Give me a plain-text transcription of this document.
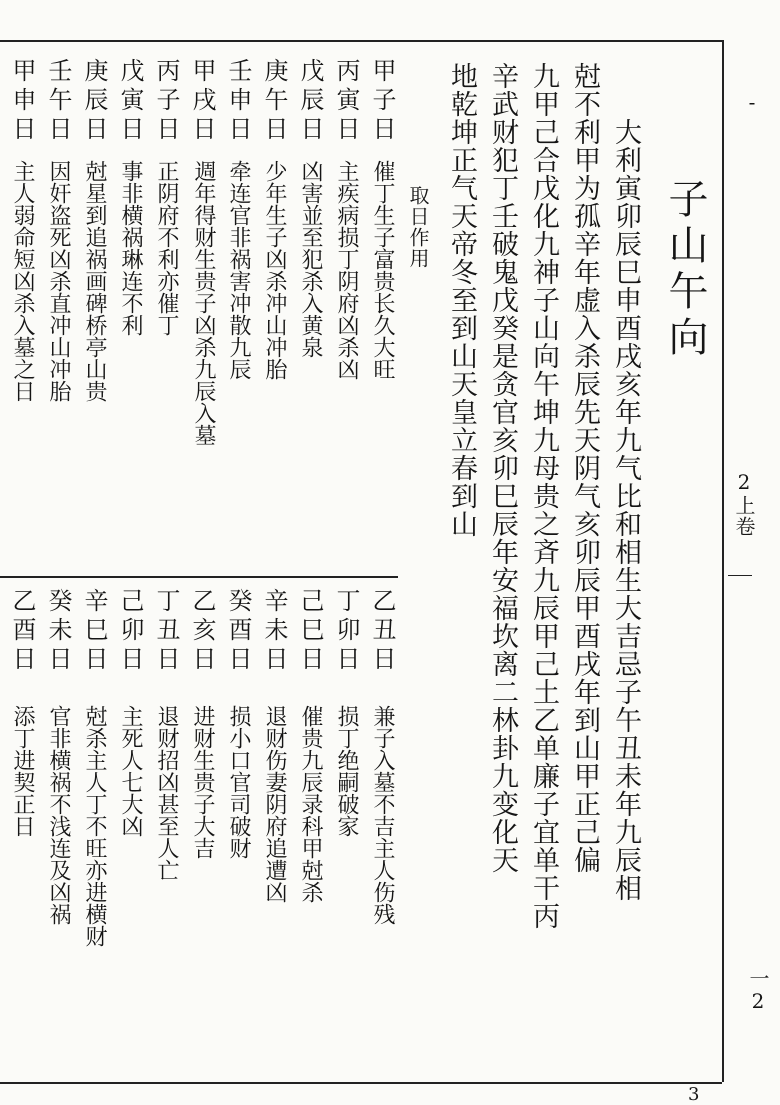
子山午向
大利寅卯辰巳申酉戌亥年九气比和相生大吉忌子午丑未年九辰相
尅不利甲为孤辛年虚入杀辰先天阴气亥卯辰甲酉戌年到山甲正己偏
九甲己合戊化九神子山向午坤九母贵之斉九辰甲己土乙单廉子宜单干丙
辛武财犯丁壬破鬼戊癸是贪官亥卯巳辰年安福坎离二林卦九变化天
地乾坤正气天帝冬至到山天皇立春到山
取日作用
甲子日
催丁生子富贵长久大旺
丙寅日
主疾病损丁阴府凶杀凶
戊辰日
凶害並至犯杀入黄泉
庚午日
少年生子凶杀冲山冲胎
壬申日
牵连官非祸害冲散九辰
甲戌日
週年得财生贵子凶杀九辰入墓
丙子日
正阴府不利亦催丁
戊寅日
事非横祸琳连不利
庚辰日
尅星到追祸画碑桥亭山贵
壬午日
因奸盗死凶杀直冲山冲胎
甲申日
主人弱命短凶杀入墓之日
乙丑日
兼子入墓不吉主人伤残
丁卯日
损丁绝嗣破家
己巳日
催贵九辰录科甲尅杀
辛未日
退财伤妻阴府追遭凶
癸酉日
损小口官司破财
乙亥日
进财生贵子大吉
丁丑日
退财招凶甚至人亡
己卯日
主死人七大凶
辛巳日
尅杀主人丁不旺亦进横财
癸未日
官非横祸不浅连及凶祸
乙酉日
添丁进契正日
-
2上卷
一2
3
